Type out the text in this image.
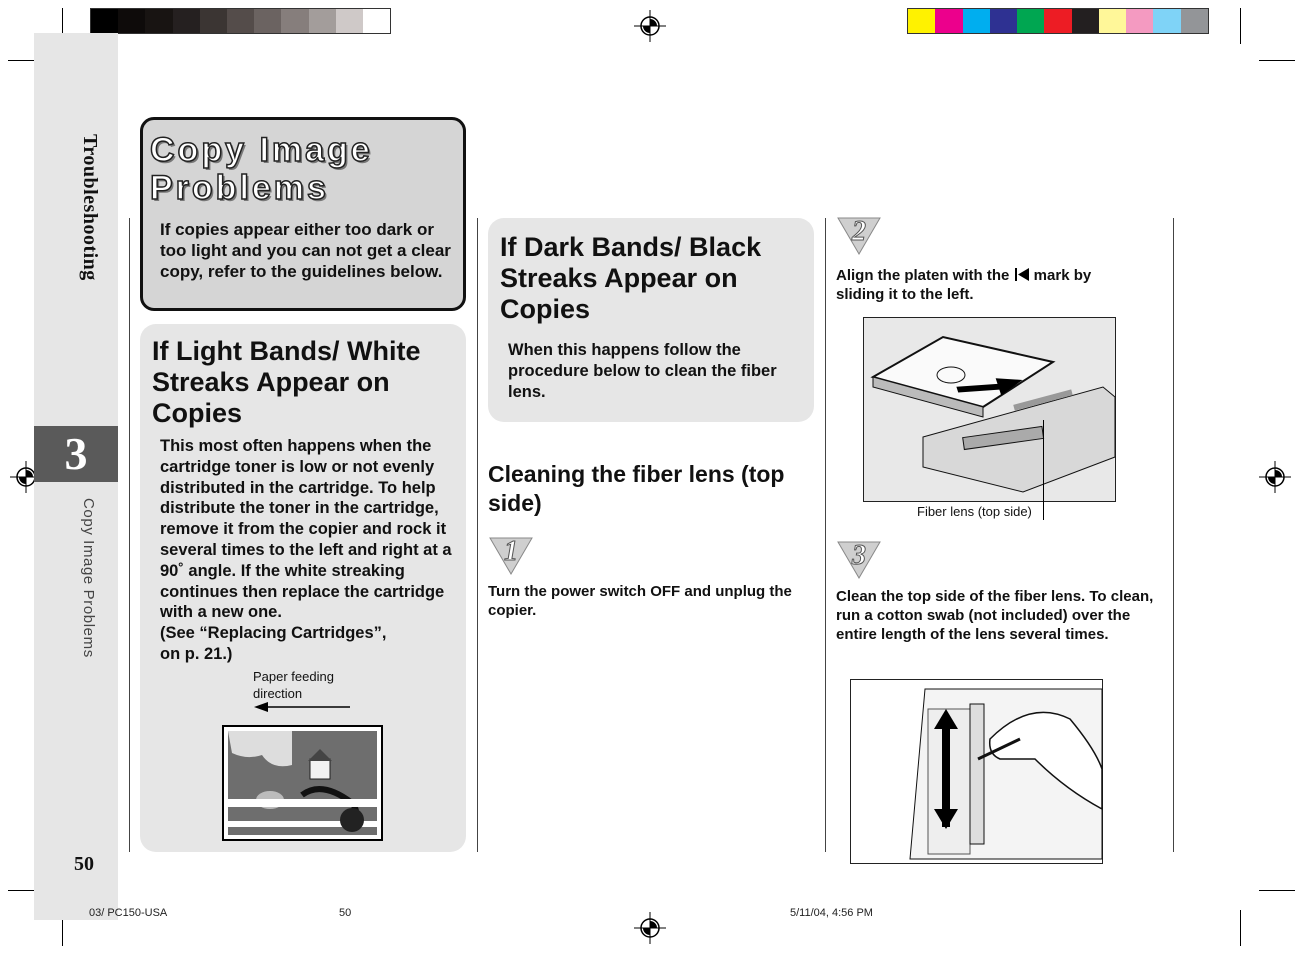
Troubleshooting
3
Copy Image Problems
50
Copy Image Problems
If copies appear either too dark or too light and you can not get a clear copy, refer to the guidelines below.
If Light Bands/ White Streaks Appear on Copies
This most often happens when the cartridge toner is low or not evenly distributed in the cartridge. To help distribute the toner in the cartridge, remove it from the copier and rock it several times to the left and right at a 90˚ angle. If the white streaking continues then replace the cartridge with a new one.
(See “Replacing Cartridges”,
on p. 21.)
Paper feeding direction
If Dark Bands/ Black Streaks Appear on Copies
When this happens follow the procedure below to clean the fiber lens.
Cleaning the fiber lens (top side)
1
Turn the power switch OFF and unplug the copier.
2
Align the platen with the mark by sliding it to the left.
Fiber lens (top side)
3
Clean the top side of the fiber lens. To clean, run a cotton swab (not included) over the entire length of the lens several times.
03/ PC150-USA	50	5/11/04, 4:56 PM
